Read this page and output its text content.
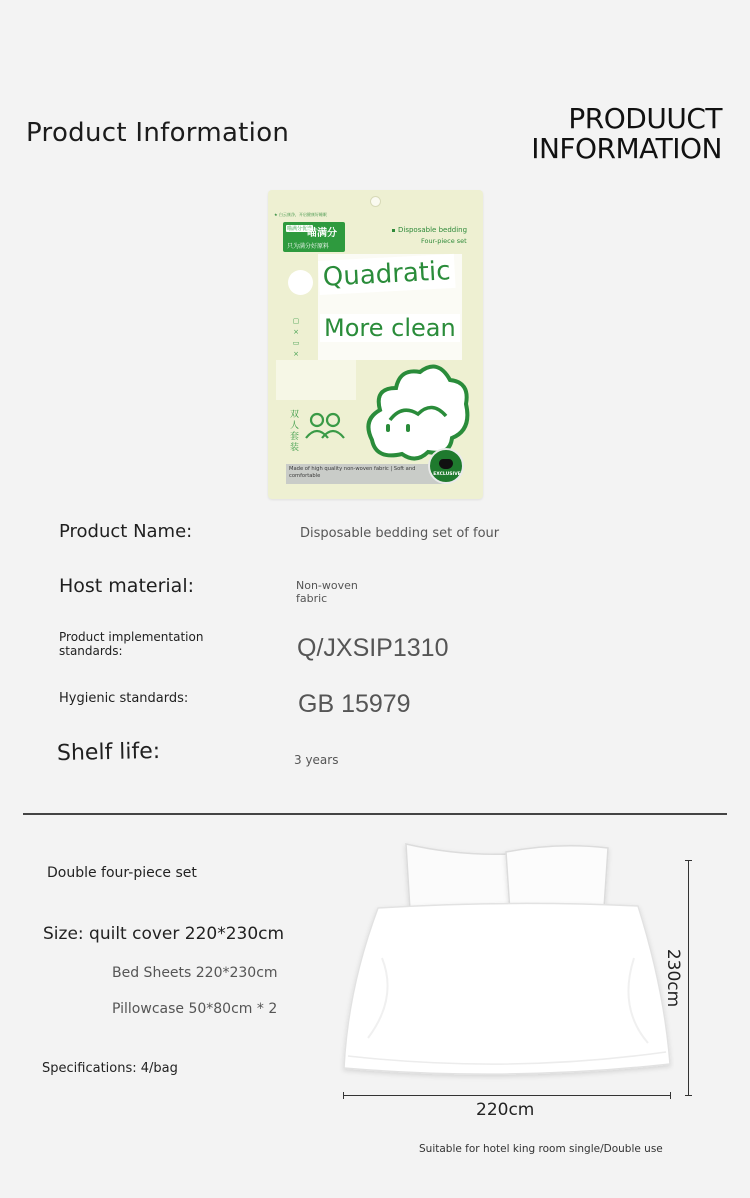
Product Information	PRODUUCT
INFORMATION
★ 白云康净，开启健康好睡眠
喵满分优选
喵满分
只为满分好原料
Disposable bedding
Four-piece set
Quadratic
More clean
▢
×
▭
×

双人套装
Made of high quality non-woven fabric | Soft and comfortable	EXCLUSIVE
Product Name:	Disposable bedding set of four
Host material:	Non-woven
fabric
Product implementation
standards:	Q/JXSIP1310
Hygienic standards:	GB 15979
Shelf life:	3 years
Double four-piece set
Size: quilt cover 220*230cm
Bed Sheets 220*230cm
Pillowcase 50*80cm * 2
Specifications: 4/bag
230cm
220cm
Suitable for hotel king room single/Double use
